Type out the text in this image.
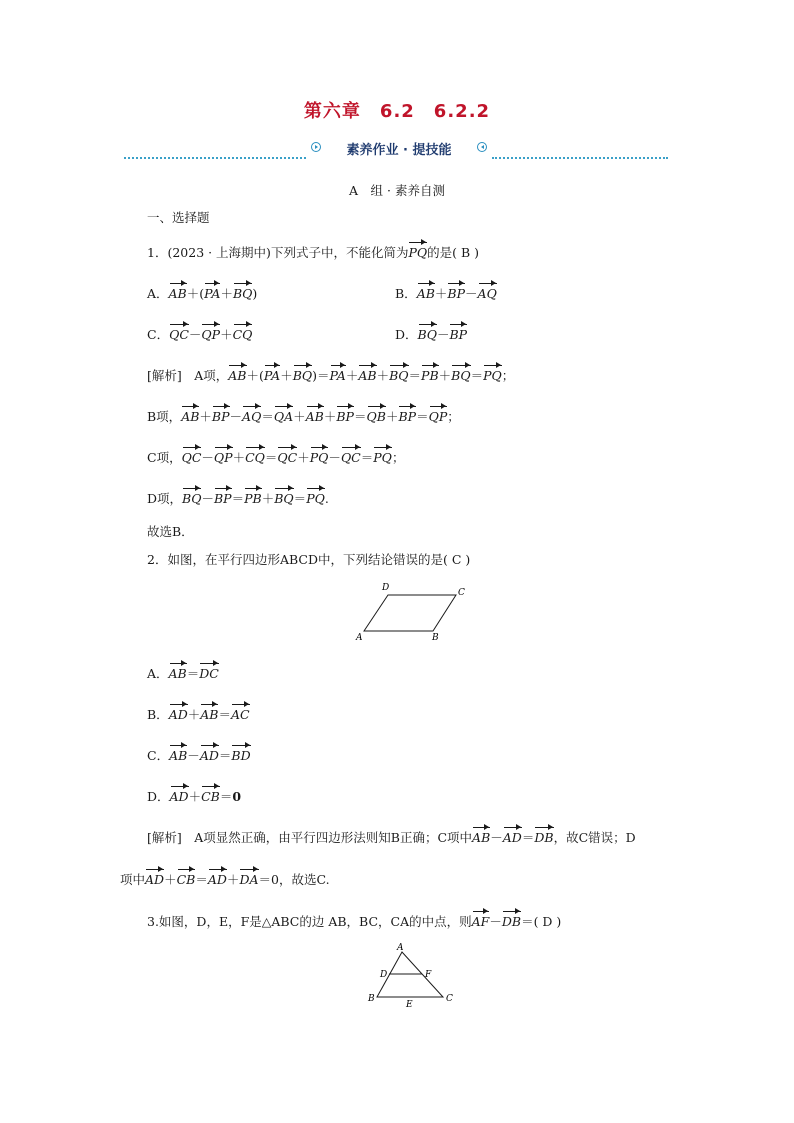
第六章　6.2　6.2.2
素养作业 · 提技能
A　组 · 素养自测
一、选择题
1．(2023 · 上海期中)下列式子中，不能化简为PQ的是( B )
A．AB＋(PA＋BQ)	B．AB＋BP－AQ
C．QC－QP＋CQ	D．BQ－BP
[解析]　A项，AB＋(PA＋BQ)＝PA＋AB＋BQ＝PB＋BQ＝PQ；
B项，AB＋BP－AQ＝QA＋AB＋BP＝QB＋BP＝QP；
C项，QC－QP＋CQ＝QC＋PQ－QC＝PQ；
D项，BQ－BP＝PB＋BQ＝PQ.
故选B．
2．如图，在平行四边形ABCD中，下列结论错误的是( C )
D	C
A	B
A．AB＝DC
B．AD＋AB＝AC
C．AB－AD＝BD
D．AD＋CB＝0
[解析]　A项显然正确，由平行四边形法则知B正确；C项中AB－AD＝DB，故C错误；D
项中AD＋CB＝AD＋DA＝0，故选C.
3.如图，D，E，F是△ABC的边 AB，BC，CA的中点，则AF－DB＝( D )
A
D	F
B
E
C
